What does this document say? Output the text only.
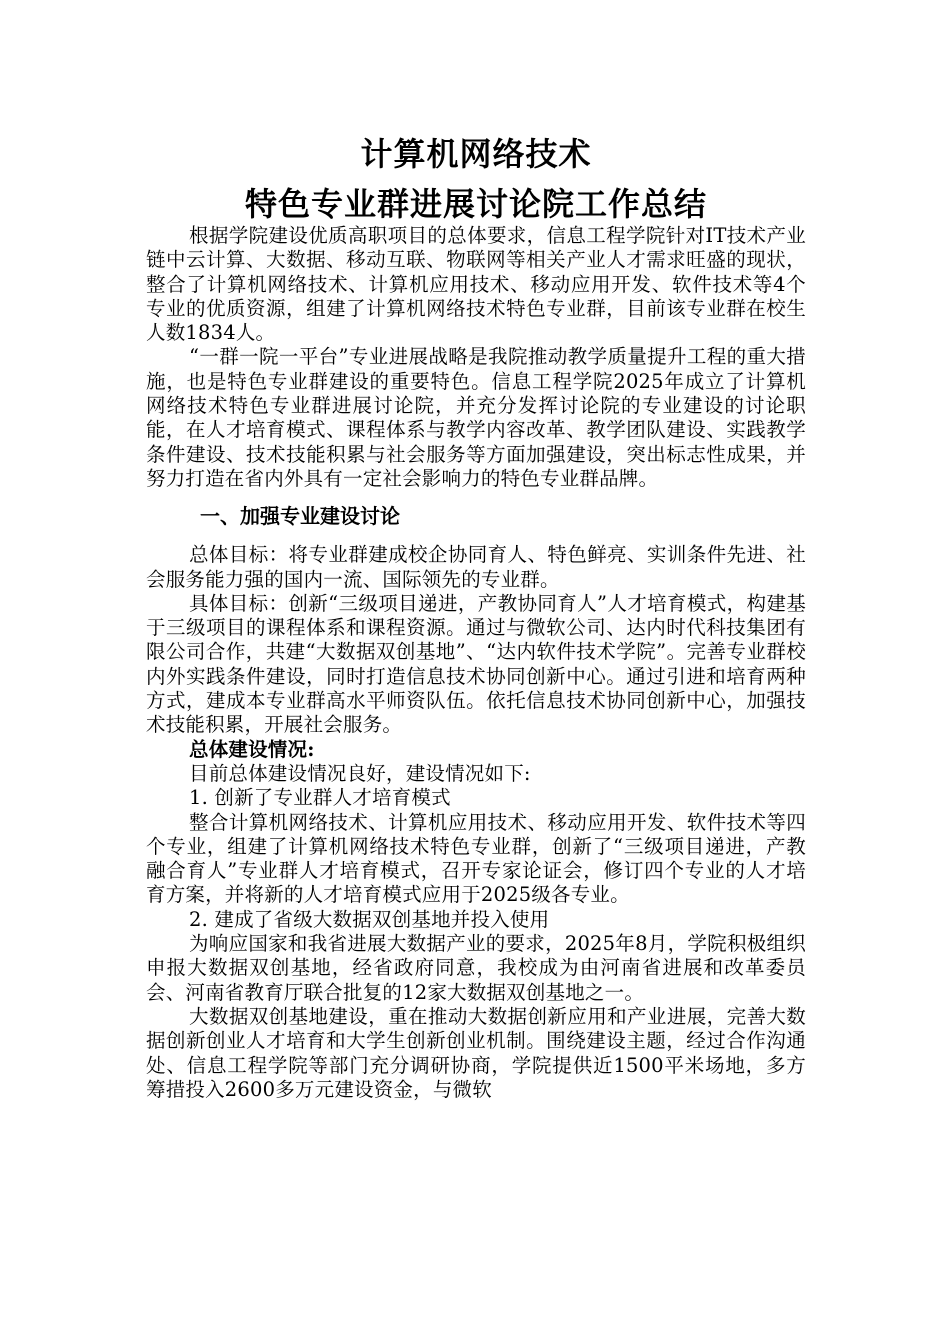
计算机网络技术
特色专业群进展讨论院工作总结

根据学院建设优质高职项目的总体要求，信息工程学院针对IT技术产业链中云计算、大数据、移动互联、物联网等相关产业人才需求旺盛的现状，整合了计算机网络技术、计算机应用技术、移动应用开发、软件技术等4个专业的优质资源，组建了计算机网络技术特色专业群，目前该专业群在校生人数1834人。

“一群一院一平台”专业进展战略是我院推动教学质量提升工程的重大措施，也是特色专业群建设的重要特色。信息工程学院2025年成立了计算机网络技术特色专业群进展讨论院，并充分发挥讨论院的专业建设的讨论职能，在人才培育模式、课程体系与教学内容改革、教学团队建设、实践教学条件建设、技术技能积累与社会服务等方面加强建设，突出标志性成果，并努力打造在省内外具有一定社会影响力的特色专业群品牌。

一、加强专业建设讨论

总体目标：将专业群建成校企协同育人、特色鲜亮、实训条件先进、社会服务能力强的国内一流、国际领先的专业群。

具体目标：创新“三级项目递进，产教协同育人”人才培育模式，构建基于三级项目的课程体系和课程资源。通过与微软公司、达内时代科技集团有限公司合作，共建“大数据双创基地”、“达内软件技术学院”。完善专业群校内外实践条件建设，同时打造信息技术协同创新中心。通过引进和培育两种方式，建成本专业群高水平师资队伍。依托信息技术协同创新中心，加强技术技能积累，开展社会服务。

总体建设情况:

目前总体建设情况良好，建设情况如下:

1. 创新了专业群人才培育模式

整合计算机网络技术、计算机应用技术、移动应用开发、软件技术等四个专业，组建了计算机网络技术特色专业群，创新了“三级项目递进，产教融合育人”专业群人才培育模式，召开专家论证会，修订四个专业的人才培育方案，并将新的人才培育模式应用于2025级各专业。

2. 建成了省级大数据双创基地并投入使用

为响应国家和我省进展大数据产业的要求，2025年8月，学院积极组织申报大数据双创基地，经省政府同意，我校成为由河南省进展和改革委员会、河南省教育厅联合批复的12家大数据双创基地之一。

大数据双创基地建设，重在推动大数据创新应用和产业进展，完善大数据创新创业人才培育和大学生创新创业机制。围绕建设主题，经过合作沟通处、信息工程学院等部门充分调研协商，学院提供近1500平米场地，多方筹措投入2600多万元建设资金，与微软
